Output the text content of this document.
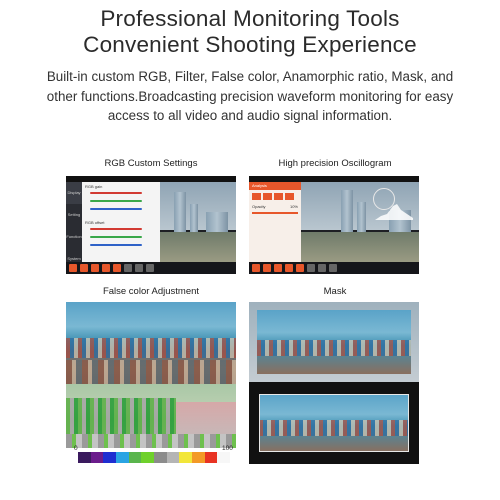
Professional Monitoring Tools
Convenient Shooting Experience
Built-in custom RGB, Filter, False color, Anamorphic ratio, Mask, and other functions.Broadcasting precision waveform monitoring for easy access to all video and audio signal information.
RGB Custom Settings	High precision Oscillogram
False color Adjustment	Mask
Display
Setting
Function
System
RGB gain
RGB offset
Analysis
Opacity	10%
0	100
